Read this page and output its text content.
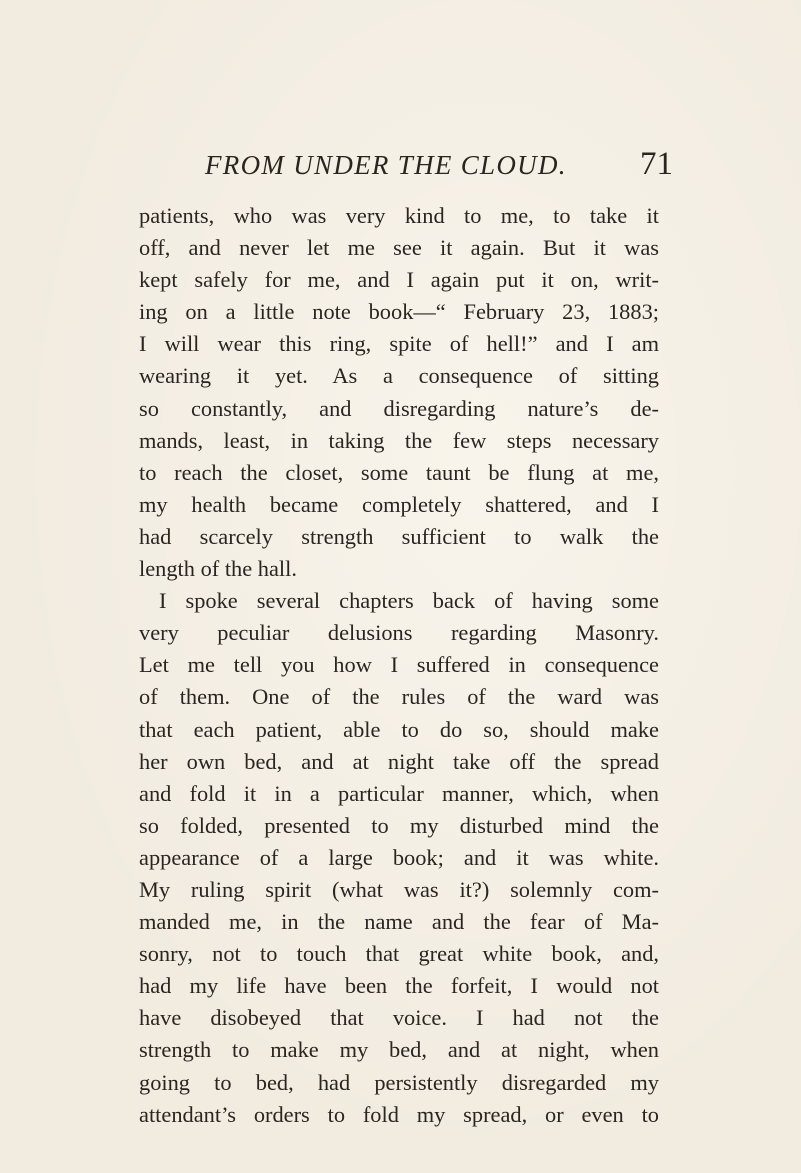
FROM UNDER THE CLOUD. 71
patients, who was very kind to me, to take it
off, and never let me see it again. But it was
kept safely for me, and I again put it on, writ-
ing on a little note book—“ February 23, 1883;
I will wear this ring, spite of hell!” and I am
wearing it yet. As a consequence of sitting
so constantly, and disregarding nature’s de-
mands, least, in taking the few steps necessary
to reach the closet, some taunt be flung at me,
my health became completely shattered, and I
had scarcely strength sufficient to walk the
length of the hall.
I spoke several chapters back of having some
very peculiar delusions regarding Masonry.
Let me tell you how I suffered in consequence
of them. One of the rules of the ward was
that each patient, able to do so, should make
her own bed, and at night take off the spread
and fold it in a particular manner, which, when
so folded, presented to my disturbed mind the
appearance of a large book; and it was white.
My ruling spirit (what was it?) solemnly com-
manded me, in the name and the fear of Ma-
sonry, not to touch that great white book, and,
had my life have been the forfeit, I would not
have disobeyed that voice. I had not the
strength to make my bed, and at night, when
going to bed, had persistently disregarded my
attendant’s orders to fold my spread, or even to
